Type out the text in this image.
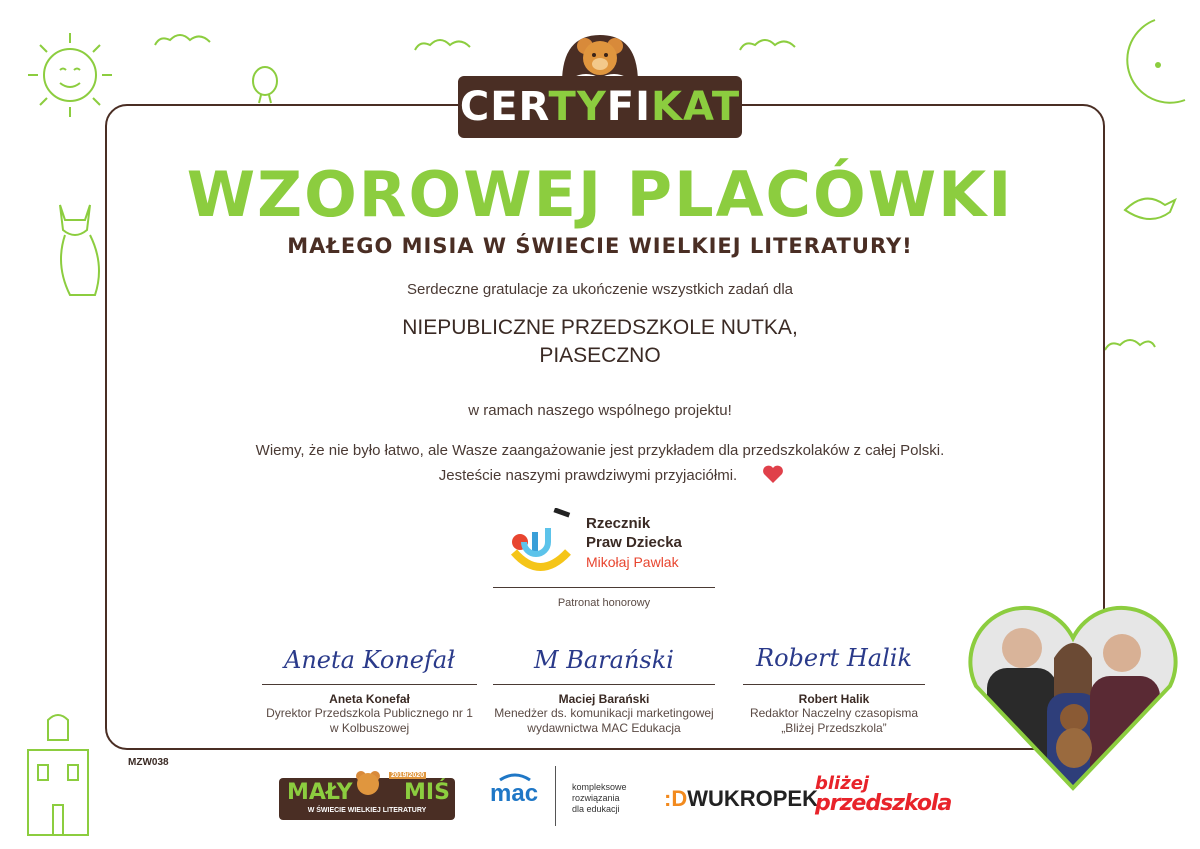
CERTYFIKAT
WZOROWEJ PLACÓWKI
MAŁEGO MISIA W ŚWIECIE WIELKIEJ LITERATURY!
Serdeczne gratulacje za ukończenie wszystkich zadań dla
NIEPUBLICZNE PRZEDSZKOLE NUTKA,
PIASECZNO
w ramach naszego wspólnego projektu!
Wiemy, że nie było łatwo, ale Wasze zaangażowanie jest przykładem dla przedszkolaków z całej Polski.
Jesteście naszymi prawdziwymi przyjaciółmi.
Rzecznik
Praw Dziecka
Mikołaj Pawlak
Patronat honorowy
Aneta Konefał
Aneta Konefał
Dyrektor Przedszkola Publicznego nr 1
w Kolbuszowej
M Barański
Maciej Barański
Menedżer ds. komunikacji marketingowej
wydawnictwa MAC Edukacja
Robert Halik
Robert Halik
Redaktor Naczelny czasopisma
„Bliżej Przedszkola”
MZW038
MAŁY MIŚ
2019/2020
W ŚWIECIE WIELKIEJ LITERATURY
mac	kompleksowe
rozwiązania
dla edukacji	:DWUKROPEK
bliżej
przedszkola
